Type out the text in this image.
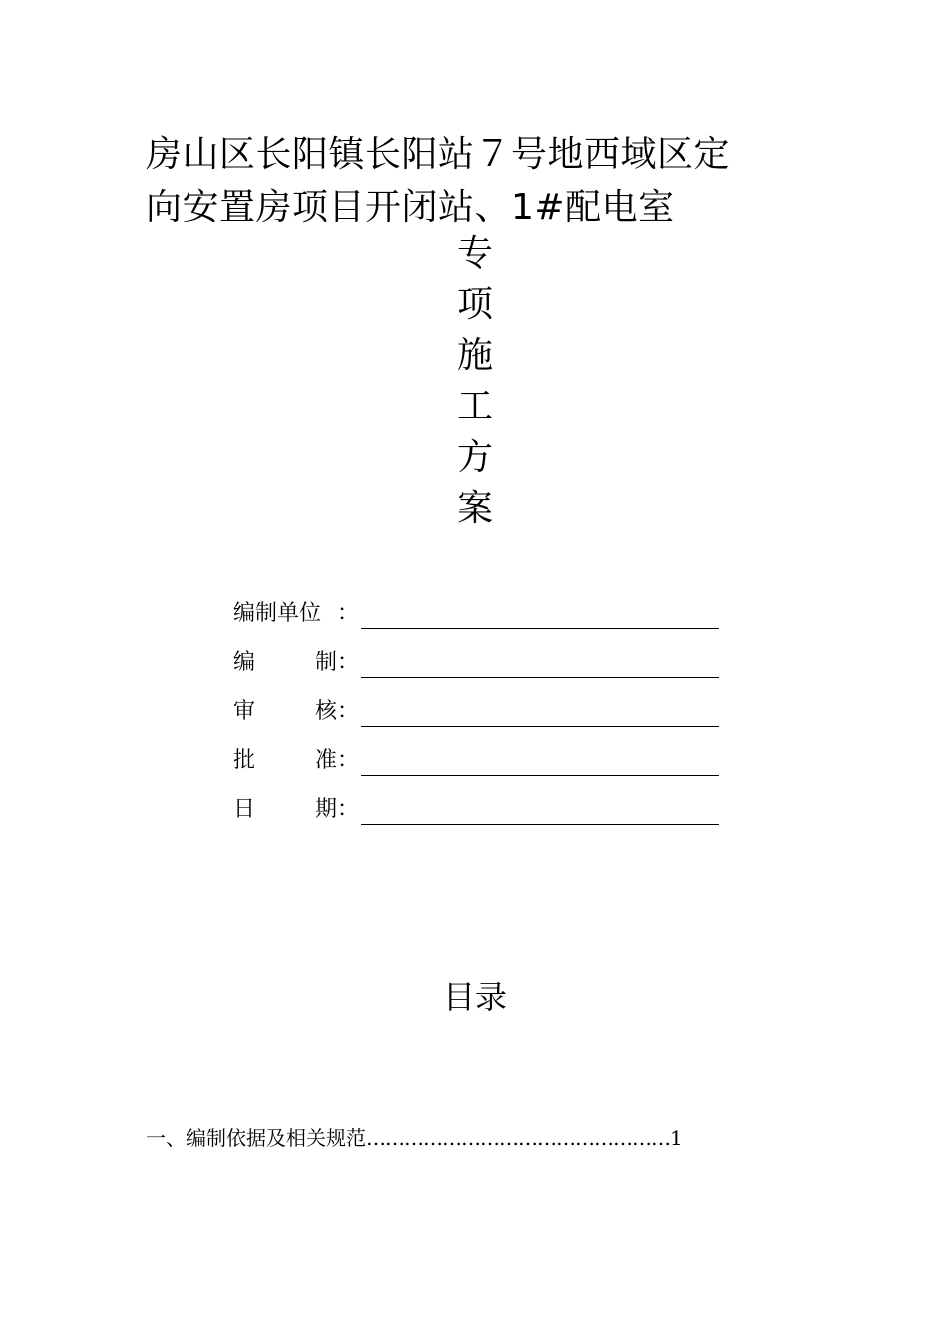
房山区长阳镇长阳站７号地西域区定
向安置房项目开闭站、1#配电室
专
项
施
工
方
案
编制单位 ：
编	制：
审	核：
批	准：
日	期：
目录
一、编制依据及相关规范 ………………………………………… 1
